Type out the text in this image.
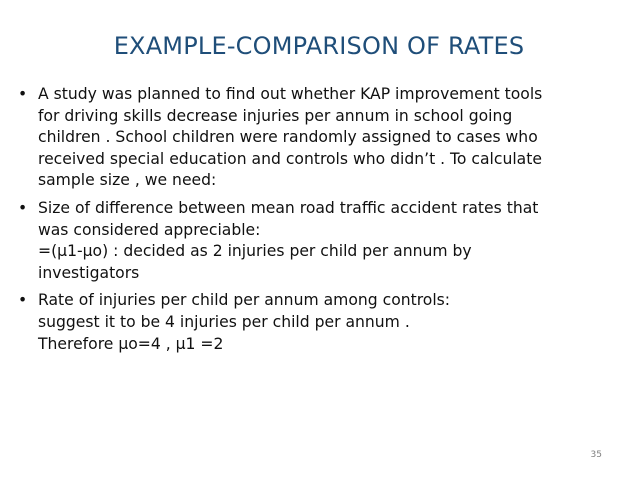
EXAMPLE-COMPARISON OF RATES
• A study was planned to find out whether KAP improvement tools
for driving skills decrease injuries per annum in school going
children . School children were randomly assigned to cases who
received special education and controls who didn’t . To calculate
sample size , we need:
• Size of difference between mean road traffic accident rates that
was considered appreciable:
=(μ1-μo) : decided as 2 injuries per child per annum by
investigators
• Rate of injuries per child per annum among controls:
suggest it to be 4 injuries per child per annum .
Therefore μo=4 , μ1 =2
35
